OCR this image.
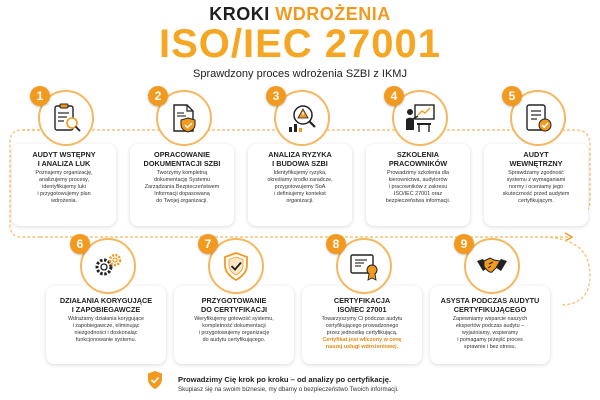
KROKI WDROŻENIA
ISO/IEC 27001
Sprawdzony proces wdrożenia SZBI z IKMJ
1
AUDYT WSTĘPNY
I ANALIZA LUK
Poznajemy organizację,
analizujemy procesy,
identyfikujemy luki
i przygotowujemy plan
wdrożenia.
2
OPRACOWANIE
DOKUMENTACJI SZBI
Tworzymy kompletną
dokumentację Systemu
Zarządzania Bezpieczeństwem
Informacji dopasowaną
do Twojej organizacji.
3
ANALIZA RYZYKA
I BUDOWA SZBI
Identyfikujemy ryzyka,
określamy środki zaradcze,
przygotowujemy SoA
i definiujemy kontekst
organizacji.
4
SZKOLENIA
PRACOWNIKÓW
Prowadzimy szkolenia dla
kierownictwa, audytorów
i pracowników z zakresu
ISO/IEC 27001 oraz
bezpieczeństwa informacji.
5
AUDYT
WEWNĘTRZNY
Sprawdzamy zgodność
systemu z wymaganiami
normy i oceniamy jego
skuteczność przed audytem
certyfikującym.
6
DZIAŁANIA KORYGUJĄCE
I ZAPOBIEGAWCZE
Wdrażamy działania korygujące
i zapobiegawcze, eliminując
niezgodności i doskonaląc
funkcjonowanie systemu.
7
PRZYGOTOWANIE
DO CERTYFIKACJI
Weryfikujemy gotowość systemu,
kompletność dokumentacji
i przygotowujemy organizację
do audytu certyfikującego.
8
CERTYFIKACJA
ISO/IEC 27001
Towarzyszymy Ci podczas audytu
certyfikującego prowadzonego
przez jednostkę certyfikującą.
Certyfikat jest wliczony w cenę
naszej usługi wdrożeniowej.
9
ASYSTA PODCZAS AUDYTU
CERTYFIKUJĄCEGO
Zapewniamy wsparcie naszych
ekspertów podczas audytu –
wyjaśniamy, wspieramy
i pomagamy przejść proces
sprawnie i bez stresu.
Prowadzimy Cię krok po kroku – od analizy po certyfikację.
Skupiasz się na swoim biznesie, my dbamy o bezpieczeństwo Twoich informacji.
